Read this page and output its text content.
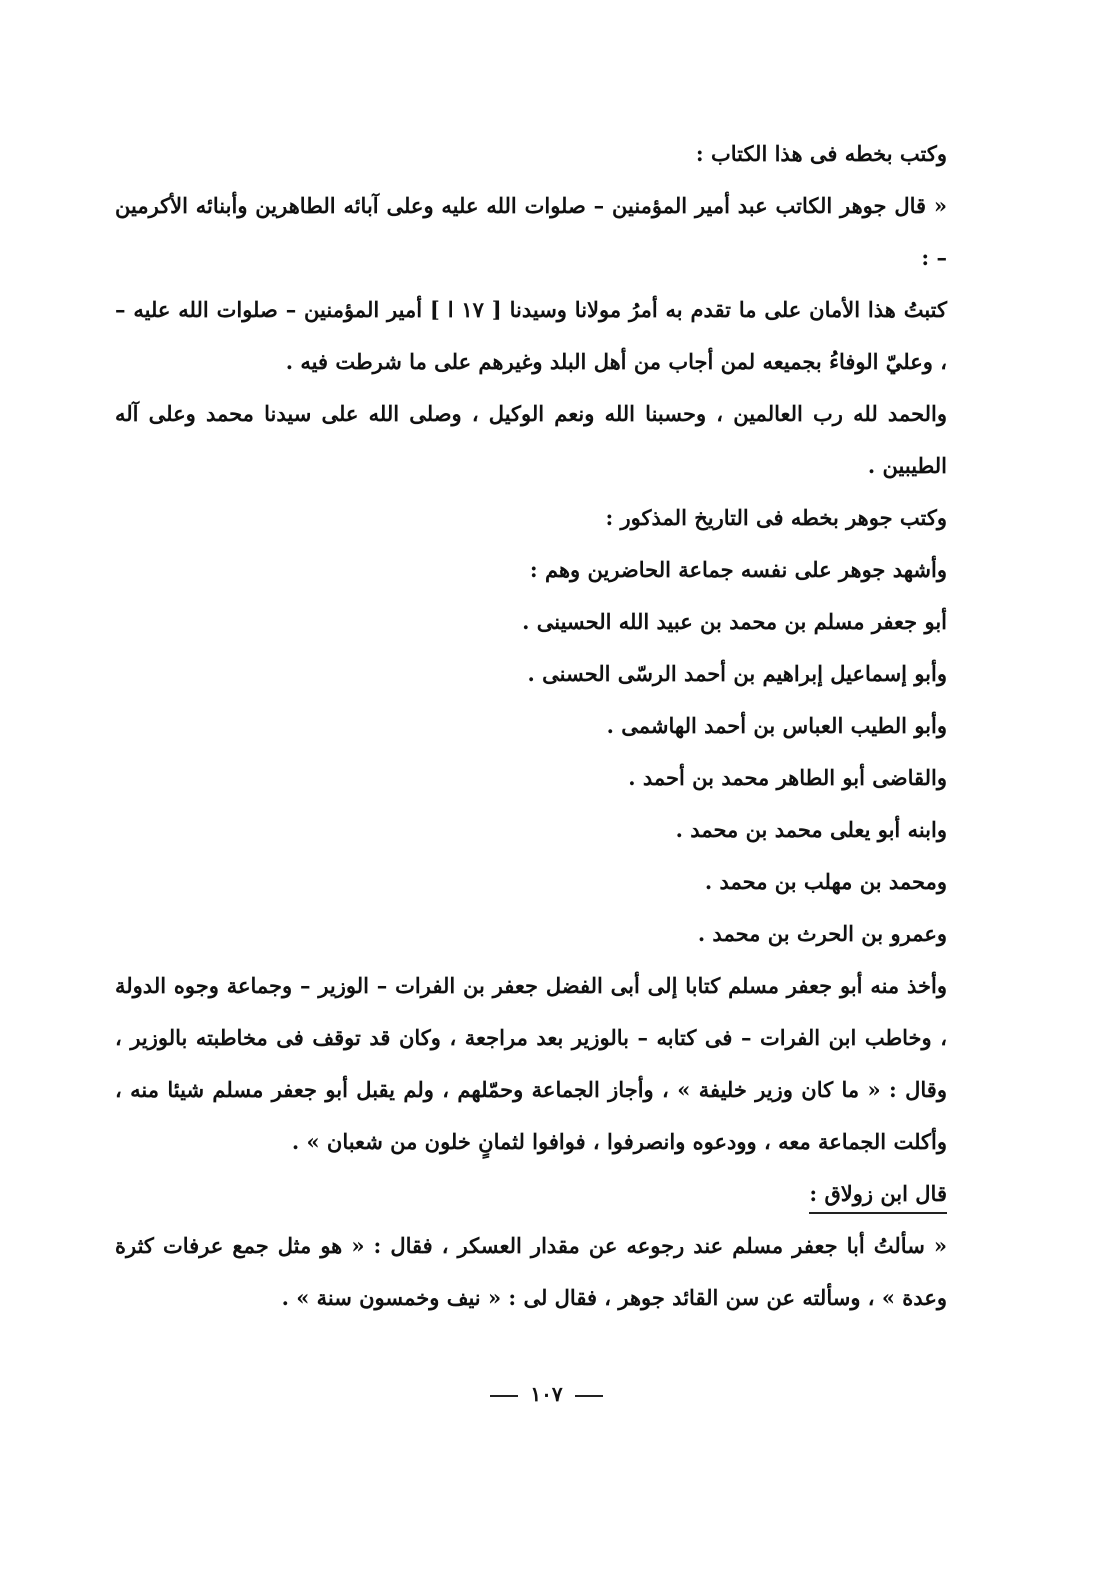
وكتب بخطه فى هذا الكتاب :

« قال جوهر الكاتب عبد أمير المؤمنين – صلوات الله عليه وعلى آبائه الطاهرين وأبنائه الأكرمين – :

كتبتُ هذا الأمان على ما تقدم به أمرُ مولانا وسيدنا [ ١٧ ا ] أمير المؤمنين – صلوات الله عليه – ، وعليّ الوفاءُ بجميعه لمن أجاب من أهل البلد وغيرهم على ما شرطت فيه .

والحمد لله رب العالمين ، وحسبنا الله ونعم الوكيل ، وصلى الله على سيدنا محمد وعلى آله الطيبين .

وكتب جوهر بخطه فى التاريخ المذكور :
وأشهد جوهر على نفسه جماعة الحاضرين وهم :
أبو جعفر مسلم بن محمد بن عبيد الله الحسينى .
وأبو إسماعيل إبراهيم بن أحمد الرسّى الحسنى .
وأبو الطيب العباس بن أحمد الهاشمى .
والقاضى أبو الطاهر محمد بن أحمد .
وابنه أبو يعلى محمد بن محمد .
ومحمد بن مهلب بن محمد .
وعمرو بن الحرث بن محمد .

وأخذ منه أبو جعفر مسلم كتابا إلى أبى الفضل جعفر بن الفرات – الوزير – وجماعة وجوه الدولة ، وخاطب ابن الفرات – فى كتابه – بالوزير بعد مراجعة ، وكان قد توقف فى مخاطبته بالوزير ، وقال : « ما كان وزير خليفة » ، وأجاز الجماعة وحمّلهم ، ولم يقبل أبو جعفر مسلم شيئا منه ، وأكلت الجماعة معه ، وودعوه وانصرفوا ، فوافوا لثمانٍ خلون من شعبان » .

قال ابن زولاق :

« سألتُ أبا جعفر مسلم عند رجوعه عن مقدار العسكر ، فقال : « هو مثل جمع عرفات كثرة وعدة » ، وسألته عن سن القائد جوهر ، فقال لى : « نيف وخمسون سنة » .

١٠٧
